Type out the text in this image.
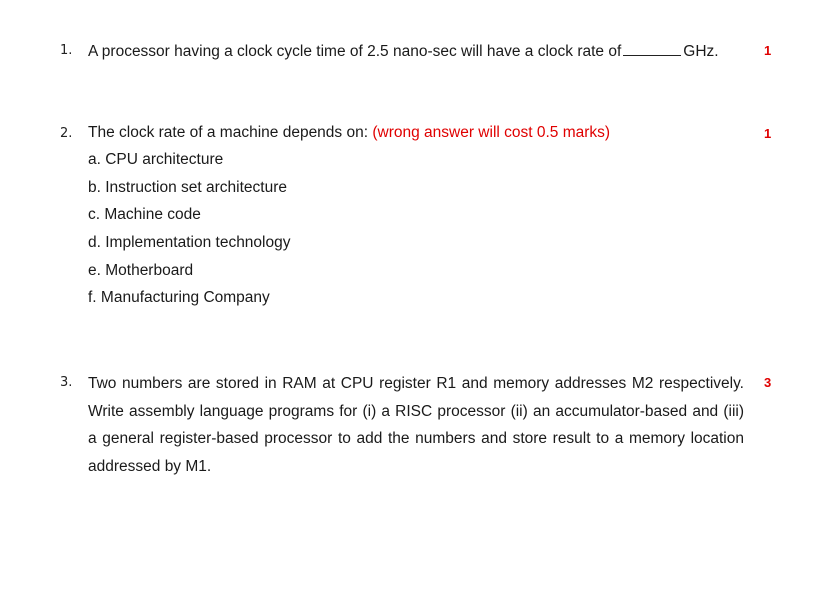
1. A processor having a clock cycle time of 2.5 nano-sec will have a clock rate of	GHz.	1
2. The clock rate of a machine depends on: (wrong answer will cost 0.5 marks)	1
a. CPU architecture
b. Instruction set architecture
c. Machine code
d. Implementation technology
e. Motherboard
f. Manufacturing Company
3. Two numbers are stored in RAM at CPU register R1 and memory addresses M2 respectively. Write assembly language programs for (i) a RISC processor (ii) an accumulator-based and (iii) a general register-based processor to add the numbers and store result to a memory location addressed by M1.
3
